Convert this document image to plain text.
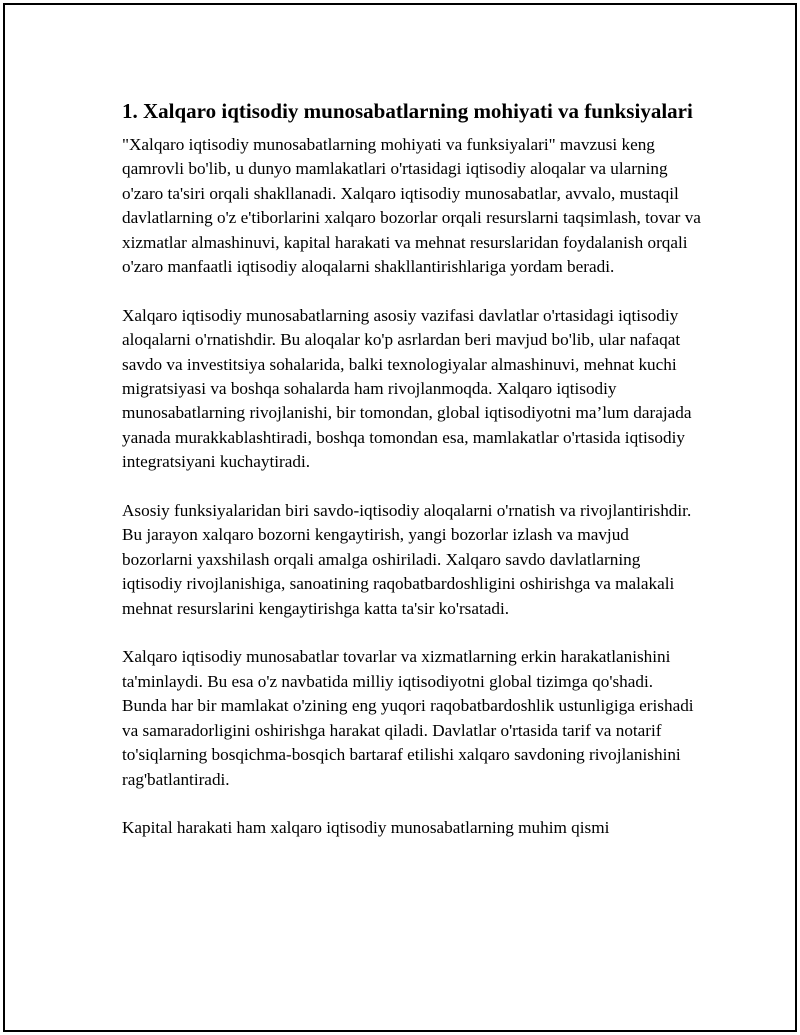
1. Xalqaro iqtisodiy munosabatlarning mohiyati va funksiyalari

"Xalqaro iqtisodiy munosabatlarning mohiyati va funksiyalari" mavzusi keng qamrovli bo'lib, u dunyo mamlakatlari o'rtasidagi iqtisodiy aloqalar va ularning o'zaro ta'siri orqali shakllanadi. Xalqaro iqtisodiy munosabatlar, avvalo, mustaqil davlatlarning o'z e'tiborlarini xalqaro bozorlar orqali resurslarni taqsimlash, tovar va xizmatlar almashinuvi, kapital harakati va mehnat resurslaridan foydalanish orqali o'zaro manfaatli iqtisodiy aloqalarni shakllantirishlariga yordam beradi.

Xalqaro iqtisodiy munosabatlarning asosiy vazifasi davlatlar o'rtasidagi iqtisodiy aloqalarni o'rnatishdir. Bu aloqalar ko'p asrlardan beri mavjud bo'lib, ular nafaqat savdo va investitsiya sohalarida, balki texnologiyalar almashinuvi, mehnat kuchi migratsiyasi va boshqa sohalarda ham rivojlanmoqda. Xalqaro iqtisodiy munosabatlarning rivojlanishi, bir tomondan, global iqtisodiyotni ma’lum darajada yanada murakkablashtiradi, boshqa tomondan esa, mamlakatlar o'rtasida iqtisodiy integratsiyani kuchaytiradi.

Asosiy funksiyalaridan biri savdo-iqtisodiy aloqalarni o'rnatish va rivojlantirishdir. Bu jarayon xalqaro bozorni kengaytirish, yangi bozorlar izlash va mavjud bozorlarni yaxshilash orqali amalga oshiriladi. Xalqaro savdo davlatlarning iqtisodiy rivojlanishiga, sanoatining raqobatbardoshligini oshirishga va malakali mehnat resurslarini kengaytirishga katta ta'sir ko'rsatadi.

Xalqaro iqtisodiy munosabatlar tovarlar va xizmatlarning erkin harakatlanishini ta'minlaydi. Bu esa o'z navbatida milliy iqtisodiyotni global tizimga qo'shadi. Bunda har bir mamlakat o'zining eng yuqori raqobatbardoshlik ustunligiga erishadi va samaradorligini oshirishga harakat qiladi. Davlatlar o'rtasida tarif va notarif to'siqlarning bosqichma-bosqich bartaraf etilishi xalqaro savdoning rivojlanishini rag'batlantiradi.

Kapital harakati ham xalqaro iqtisodiy munosabatlarning muhim qismi
